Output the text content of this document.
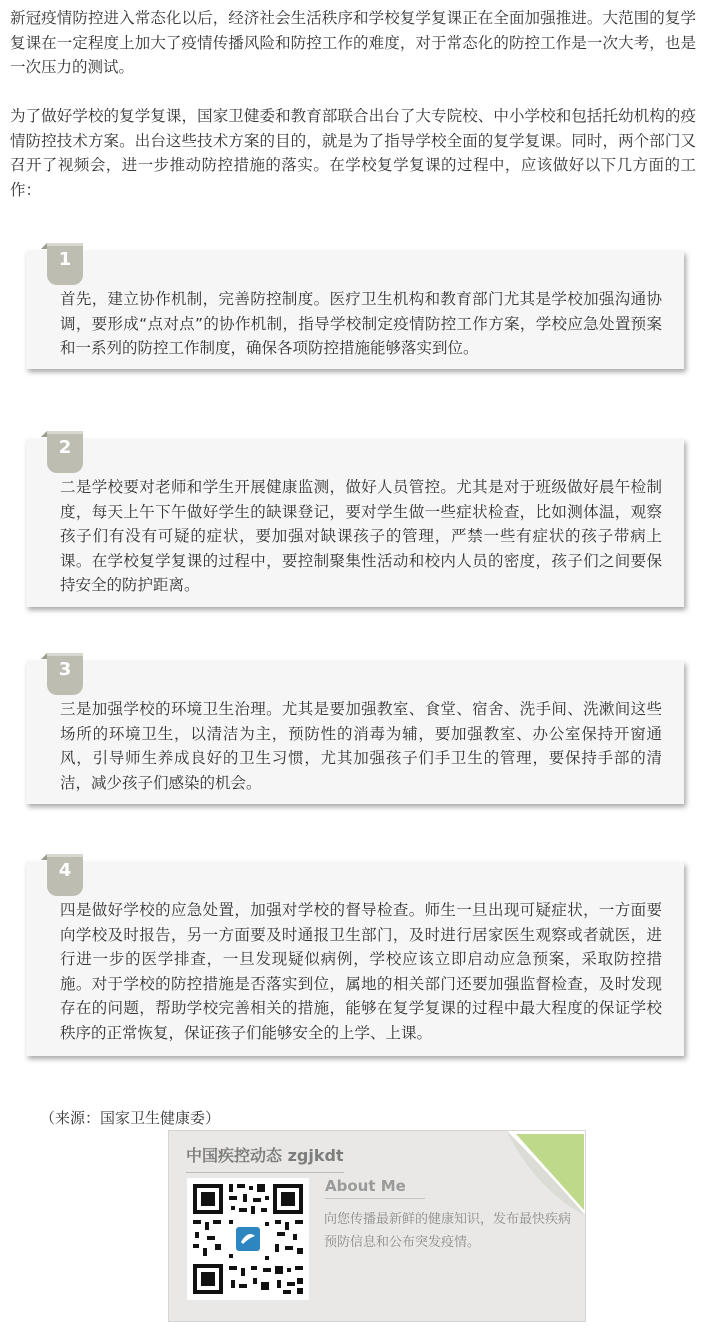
新冠疫情防控进入常态化以后，经济社会生活秩序和学校复学复课正在全面加强推进。大范围的复学复课在一定程度上加大了疫情传播风险和防控工作的难度，对于常态化的防控工作是一次大考，也是一次压力的测试。

为了做好学校的复学复课，国家卫健委和教育部联合出台了大专院校、中小学校和包括托幼机构的疫情防控技术方案。出台这些技术方案的目的，就是为了指导学校全面的复学复课。同时，两个部门又召开了视频会，进一步推动防控措施的落实。在学校复学复课的过程中，应该做好以下几方面的工作：

1

首先，建立协作机制，完善防控制度。医疗卫生机构和教育部门尤其是学校加强沟通协调，要形成“点对点”的协作机制，指导学校制定疫情防控工作方案，学校应急处置预案和一系列的防控工作制度，确保各项防控措施能够落实到位。

2

二是学校要对老师和学生开展健康监测，做好人员管控。尤其是对于班级做好晨午检制度，每天上午下午做好学生的缺课登记，要对学生做一些症状检查，比如测体温，观察孩子们有没有可疑的症状，要加强对缺课孩子的管理，严禁一些有症状的孩子带病上课。在学校复学复课的过程中，要控制聚集性活动和校内人员的密度，孩子们之间要保持安全的防护距离。

3

三是加强学校的环境卫生治理。尤其是要加强教室、食堂、宿舍、洗手间、洗漱间这些场所的环境卫生，以清洁为主，预防性的消毒为辅，要加强教室、办公室保持开窗通风，引导师生养成良好的卫生习惯，尤其加强孩子们手卫生的管理，要保持手部的清洁，减少孩子们感染的机会。

4

四是做好学校的应急处置，加强对学校的督导检查。师生一旦出现可疑症状，一方面要向学校及时报告，另一方面要及时通报卫生部门，及时进行居家医生观察或者就医，进行进一步的医学排查，一旦发现疑似病例，学校应该立即启动应急预案，采取防控措施。对于学校的防控措施是否落实到位，属地的相关部门还要加强监督检查，及时发现存在的问题，帮助学校完善相关的措施，能够在复学复课的过程中最大程度的保证学校秩序的正常恢复，保证孩子们能够安全的上学、上课。

（来源：国家卫生健康委）
中国疾控动态 zgjkdt
About Me
向您传播最新鲜的健康知识，发布最快疾病预防信息和公布突发疫情。
